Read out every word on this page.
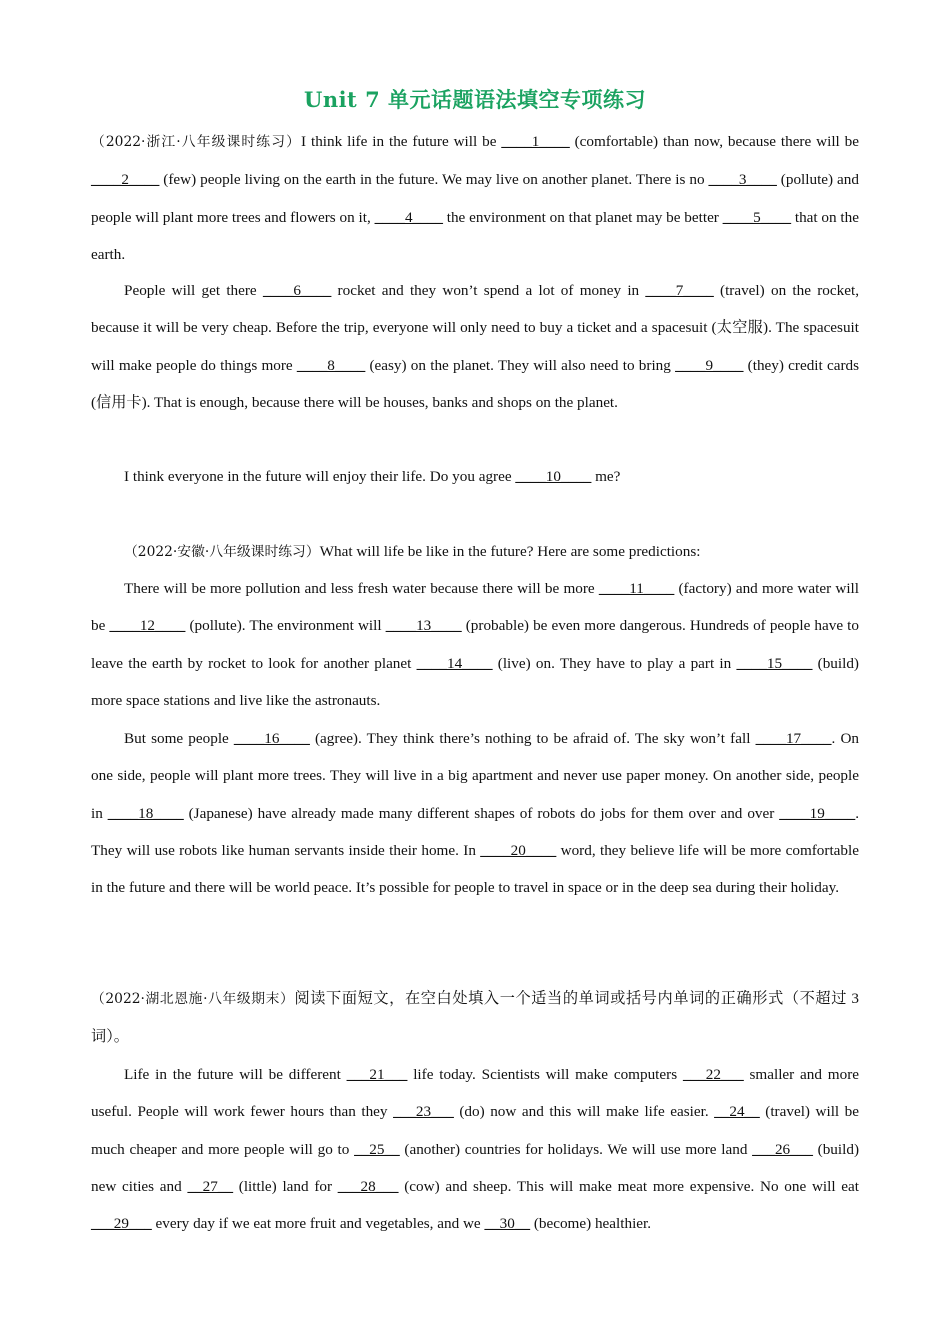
Unit 7 单元话题语法填空专项练习

（2022·浙江·八年级课时练习）I think life in the future will be ____1____ (comfortable) than now, because there will be ____2____ (few) people living on the earth in the future. We may live on another planet. There is no ____3____ (pollute) and people will plant more trees and flowers on it, ____4____ the environment on that planet may be better ____5____ that on the earth.

People will get there ____6____ rocket and they won’t spend a lot of money in ____7____ (travel) on the rocket, because it will be very cheap. Before the trip, everyone will only need to buy a ticket and a spacesuit (太空服). The spacesuit will make people do things more ____8____ (easy) on the planet. They will also need to bring ____9____ (they) credit cards (信用卡). That is enough, because there will be houses, banks and shops on the planet.

I think everyone in the future will enjoy their life. Do you agree ____10____ me?

（2022·安徽·八年级课时练习）What will life be like in the future? Here are some predictions:

There will be more pollution and less fresh water because there will be more ____11____ (factory) and more water will be ____12____ (pollute). The environment will ____13____ (probable) be even more dangerous. Hundreds of people have to leave the earth by rocket to look for another planet ____14____ (live) on. They have to play a part in ____15____ (build) more space stations and live like the astronauts.

But some people ____16____ (agree). They think there’s nothing to be afraid of. The sky won’t fall ____17____. On one side, people will plant more trees. They will live in a big apartment and never use paper money. On another side, people in ____18____ (Japanese) have already made many different shapes of robots do jobs for them over and over ____19____. They will use robots like human servants inside their home. In ____20____ word, they believe life will be more comfortable in the future and there will be world peace. It’s possible for people to travel in space or in the deep sea during their holiday.

（2022·湖北恩施·八年级期末）阅读下面短文，在空白处填入一个适当的单词或括号内单词的正确形式（不超过 3 词）。

Life in the future will be different ___21___ life today. Scientists will make computers ___22___ smaller and more useful. People will work fewer hours than they ___23___ (do) now and this will make life easier. __24__ (travel) will be much cheaper and more people will go to __25__ (another) countries for holidays. We will use more land ___26___ (build) new cities and __27__ (little) land for ___28___ (cow) and sheep. This will make meat more expensive. No one will eat ___29___ every day if we eat more fruit and vegetables, and we __30__ (become) healthier.
